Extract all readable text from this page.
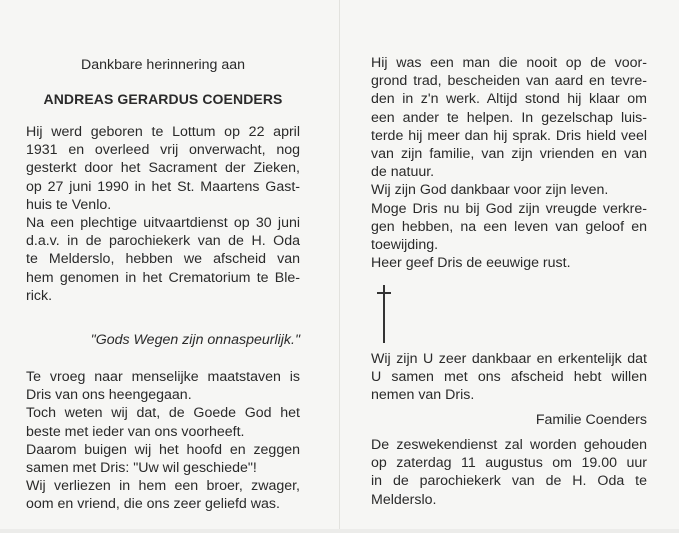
Dankbare herinnering aan
ANDREAS GERARDUS COENDERS

Hij werd geboren te Lottum op 22 april
1931 en overleed vrij onverwacht, nog
gesterkt door het Sacrament der Zieken,
op 27 juni 1990 in het St. Maartens Gast-
huis te Venlo.

Na een plechtige uitvaartdienst op 30 juni
d.a.v. in de parochiekerk van de H. Oda
te Melderslo, hebben we afscheid van
hem genomen in het Crematorium te Ble-
rick.

"Gods Wegen zijn onnaspeurlijk."

Te vroeg naar menselijke maatstaven is
Dris van ons heengegaan.

Toch weten wij dat, de Goede God het
beste met ieder van ons voorheeft.

Daarom buigen wij het hoofd en zeggen
samen met Dris: "Uw wil geschiede"!

Wij verliezen in hem een broer, zwager,
oom en vriend, die ons zeer geliefd was.

Hij was een man die nooit op de voor-
grond trad, bescheiden van aard en tevre-
den in z'n werk. Altijd stond hij klaar om
een ander te helpen. In gezelschap luis-
terde hij meer dan hij sprak. Dris hield veel
van zijn familie, van zijn vrienden en van
de natuur.

Wij zijn God dankbaar voor zijn leven.

Moge Dris nu bij God zijn vreugde verkre-
gen hebben, na een leven van geloof en
toewijding.

Heer geef Dris de eeuwige rust.

Wij zijn U zeer dankbaar en erkentelijk dat
U samen met ons afscheid hebt willen
nemen van Dris.

Familie Coenders

De zeswekendienst zal worden gehouden
op zaterdag 11 augustus om 19.00 uur
in de parochiekerk van de H. Oda te
Melderslo.
